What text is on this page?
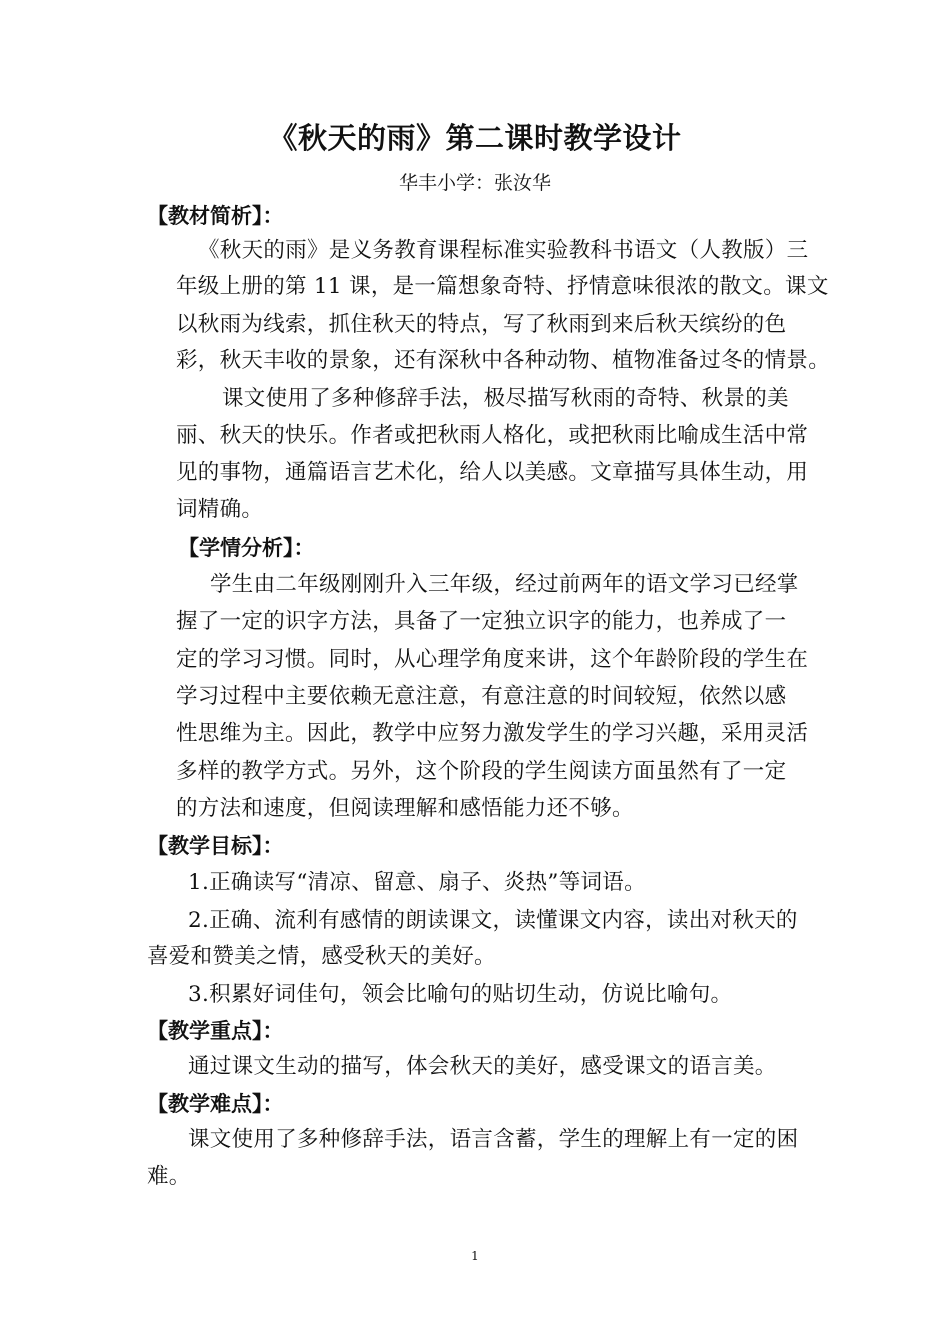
《秋天的雨》第二课时教学设计
华丰小学：张汝华
【教材简析】：
《秋天的雨》是义务教育课程标准实验教科书语文（人教版）三
年级上册的第 11 课，是一篇想象奇特、抒情意味很浓的散文。课文
以秋雨为线索，抓住秋天的特点，写了秋雨到来后秋天缤纷的色
彩，秋天丰收的景象，还有深秋中各种动物、植物准备过冬的情景。
课文使用了多种修辞手法，极尽描写秋雨的奇特、秋景的美
丽、秋天的快乐。作者或把秋雨人格化，或把秋雨比喻成生活中常
见的事物，通篇语言艺术化，给人以美感。文章描写具体生动，用
词精确。
【学情分析】：
学生由二年级刚刚升入三年级，经过前两年的语文学习已经掌
握了一定的识字方法，具备了一定独立识字的能力，也养成了一
定的学习习惯。同时，从心理学角度来讲，这个年龄阶段的学生在
学习过程中主要依赖无意注意，有意注意的时间较短，依然以感
性思维为主。因此，教学中应努力激发学生的学习兴趣，采用灵活
多样的教学方式。另外，这个阶段的学生阅读方面虽然有了一定
的方法和速度，但阅读理解和感悟能力还不够。
【教学目标】：
1.正确读写“清凉、留意、扇子、炎热”等词语。
2.正确、流利有感情的朗读课文，读懂课文内容，读出对秋天的
喜爱和赞美之情，感受秋天的美好。
3.积累好词佳句，领会比喻句的贴切生动，仿说比喻句。
【教学重点】：
通过课文生动的描写，体会秋天的美好，感受课文的语言美。
【教学难点】：
课文使用了多种修辞手法，语言含蓄，学生的理解上有一定的困
难。
1
